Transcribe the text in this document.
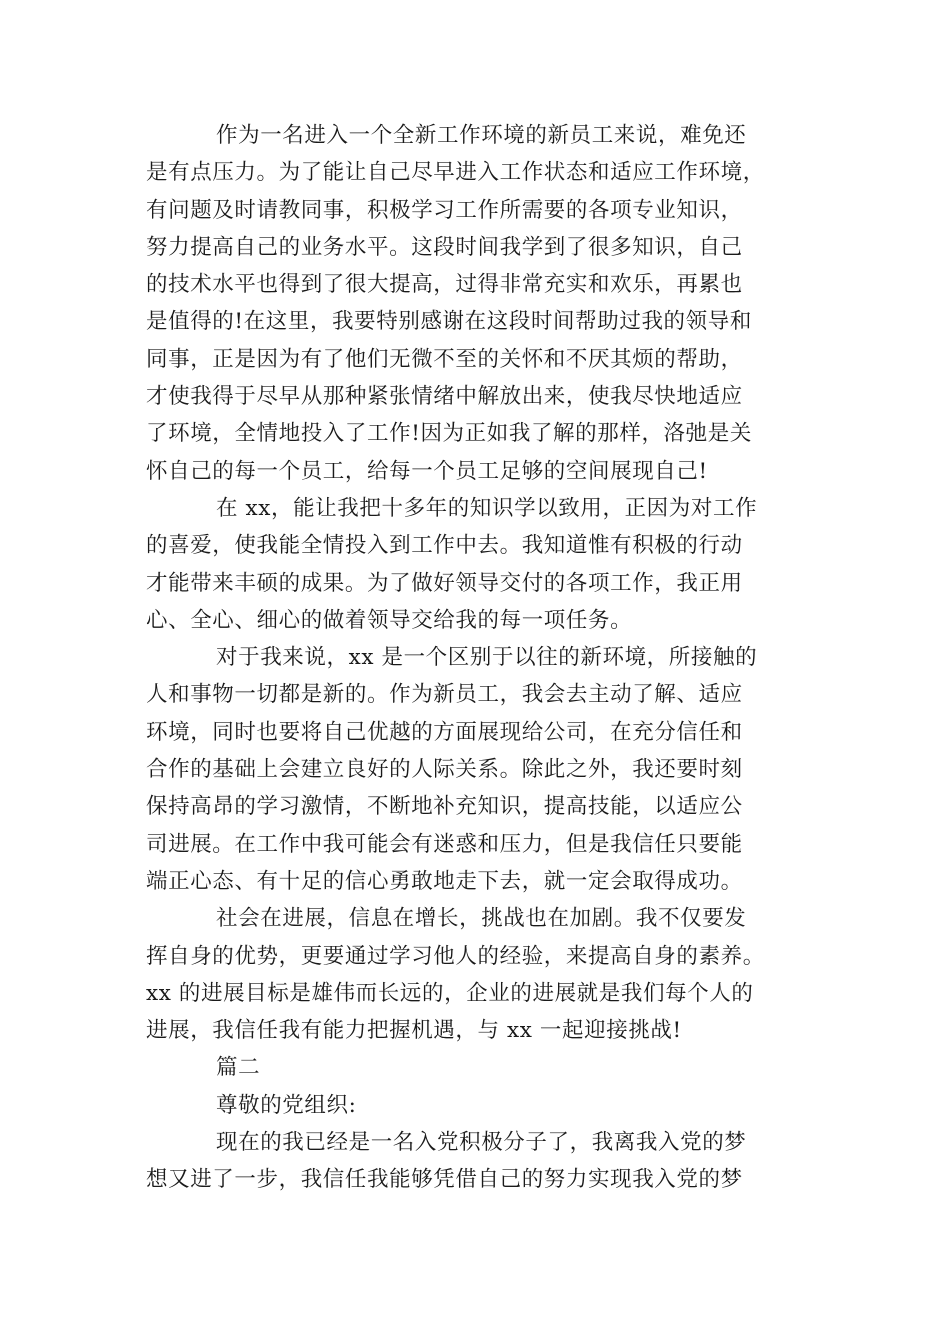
作为一名进入一个全新工作环境的新员工来说，难免还
是有点压力。为了能让自己尽早进入工作状态和适应工作环境，
有问题及时请教同事，积极学习工作所需要的各项专业知识，
努力提高自己的业务水平。这段时间我学到了很多知识，自己
的技术水平也得到了很大提高，过得非常充实和欢乐，再累也
是值得的!在这里，我要特别感谢在这段时间帮助过我的领导和
同事，正是因为有了他们无微不至的关怀和不厌其烦的帮助，
才使我得于尽早从那种紧张情绪中解放出来，使我尽快地适应
了环境，全情地投入了工作!因为正如我了解的那样，洛弛是关
怀自己的每一个员工，给每一个员工足够的空间展现自己!
在 xx，能让我把十多年的知识学以致用，正因为对工作
的喜爱，使我能全情投入到工作中去。我知道惟有积极的行动
才能带来丰硕的成果。为了做好领导交付的各项工作，我正用
心、全心、细心的做着领导交给我的每一项任务。
对于我来说，xx 是一个区别于以往的新环境，所接触的
人和事物一切都是新的。作为新员工，我会去主动了解、适应
环境，同时也要将自己优越的方面展现给公司，在充分信任和
合作的基础上会建立良好的人际关系。除此之外，我还要时刻
保持高昂的学习激情，不断地补充知识，提高技能，以适应公
司进展。在工作中我可能会有迷惑和压力，但是我信任只要能
端正心态、有十足的信心勇敢地走下去，就一定会取得成功。
社会在进展，信息在增长，挑战也在加剧。我不仅要发
挥自身的优势，更要通过学习他人的经验，来提高自身的素养。
xx 的进展目标是雄伟而长远的，企业的进展就是我们每个人的
进展，我信任我有能力把握机遇，与 xx 一起迎接挑战!
篇二
尊敬的党组织:
现在的我已经是一名入党积极分子了，我离我入党的梦
想又进了一步，我信任我能够凭借自己的努力实现我入党的梦
